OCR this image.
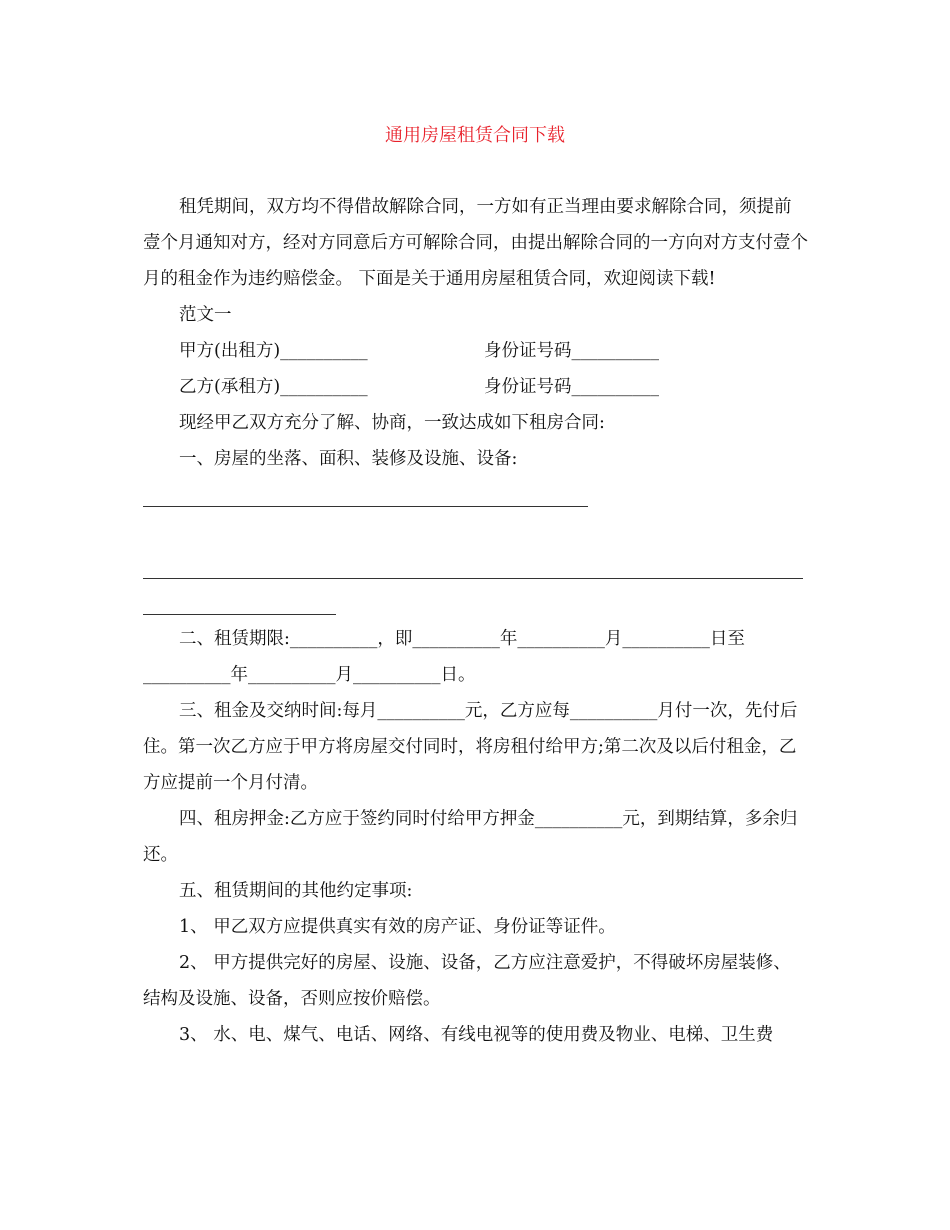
通用房屋租赁合同下载

租凭期间，双方均不得借故解除合同，一方如有正当理由要求解除合同，须提前壹个月通知对方，经对方同意后方可解除合同，由提出解除合同的一方向对方支付壹个月的租金作为违约赔偿金。 下面是关于通用房屋租赁合同，欢迎阅读下载!

范文一

甲方(出租方)__________	身份证号码__________
乙方(承租方)__________	身份证号码__________

现经甲乙双方充分了解、协商，一致达成如下租房合同:

一、房屋的坐落、面积、装修及设施、设备:

二、租赁期限:__________，即__________年__________月__________日至__________年__________月__________日。

三、租金及交纳时间:每月__________元，乙方应每__________月付一次，先付后住。第一次乙方应于甲方将房屋交付同时，将房租付给甲方;第二次及以后付租金，乙方应提前一个月付清。

四、租房押金:乙方应于签约同时付给甲方押金__________元，到期结算，多余归还。

五、租赁期间的其他约定事项:

1、 甲乙双方应提供真实有效的房产证、身份证等证件。

2、 甲方提供完好的房屋、设施、设备，乙方应注意爱护，不得破坏房屋装修、结构及设施、设备，否则应按价赔偿。

3、 水、电、煤气、电话、网络、有线电视等的使用费及物业、电梯、卫生费
